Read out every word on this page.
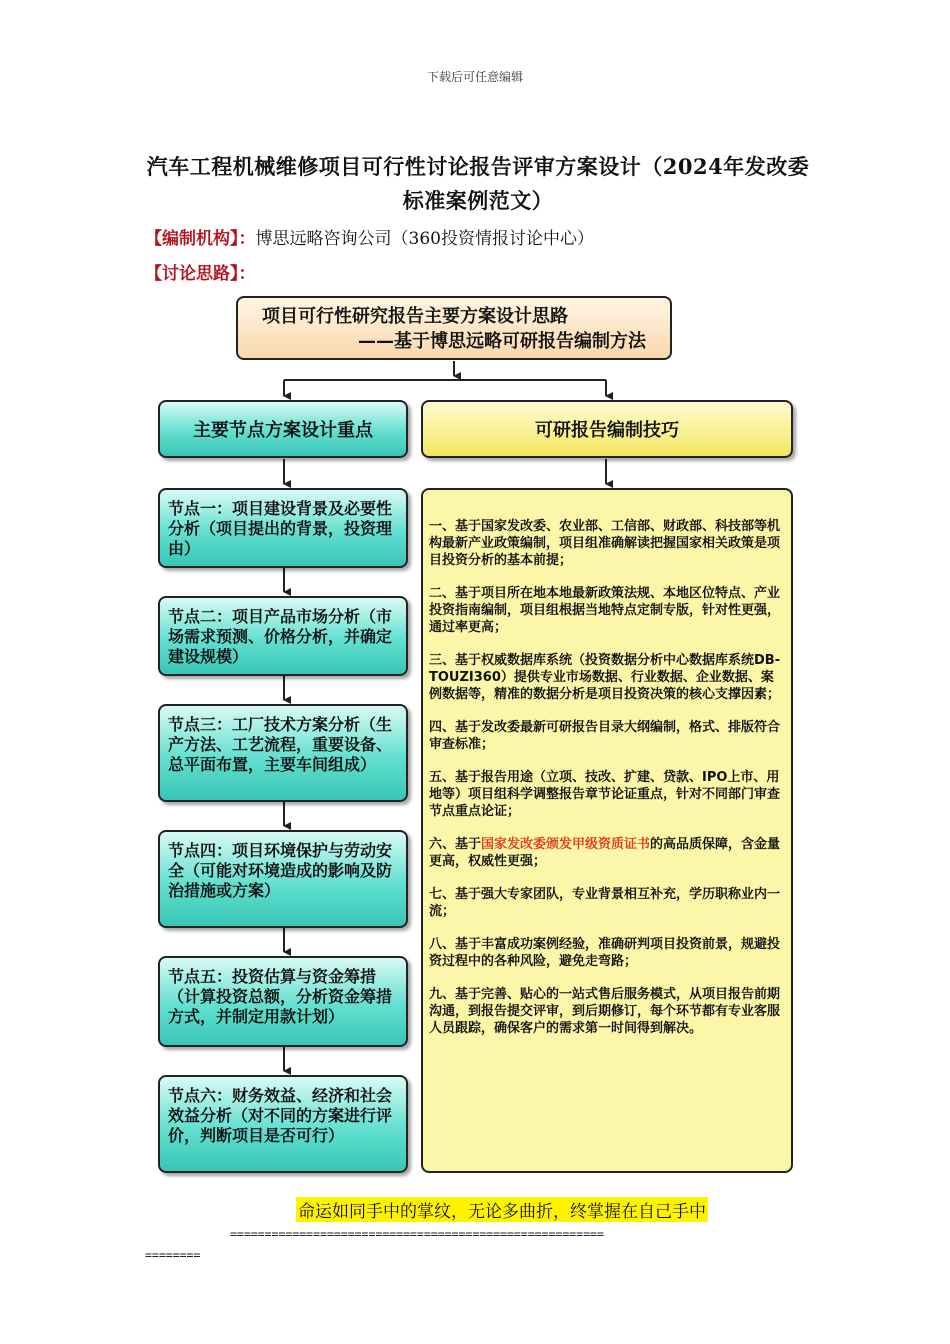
下载后可任意编辑
汽车工程机械维修项目可行性讨论报告评审方案设计（2024年发改委标准案例范文）
【编制机构】：博思远略咨询公司（360投资情报讨论中心）
【讨论思路】：
项目可行性研究报告主要方案设计思路
——基于博思远略可研报告编制方法
主要节点方案设计重点	可研报告编制技巧
节点一：项目建设背景及必要性分析（项目提出的背景，投资理由）
节点二：项目产品市场分析（市场需求预测、价格分析，并确定建设规模）
节点三：工厂技术方案分析（生产方法、工艺流程，重要设备、总平面布置，主要车间组成）
节点四：项目环境保护与劳动安全（可能对环境造成的影响及防治措施或方案）
节点五：投资估算与资金筹措（计算投资总额，分析资金筹措方式，并制定用款计划）
节点六：财务效益、经济和社会效益分析（对不同的方案进行评价，判断项目是否可行）
一、基于国家发改委、农业部、工信部、财政部、科技部等机构最新产业政策编制，项目组准确解读把握国家相关政策是项目投资分析的基本前提；
二、基于项目所在地本地最新政策法规、本地区位特点、产业投资指南编制，项目组根据当地特点定制专版，针对性更强，通过率更高；
三、基于权威数据库系统（投资数据分析中心数据库系统DB-TOUZI360）提供专业市场数据、行业数据、企业数据、案例数据等，精准的数据分析是项目投资决策的核心支撑因素；
四、基于发改委最新可研报告目录大纲编制，格式、排版符合审查标准；
五、基于报告用途（立项、技改、扩建、贷款、IPO上市、用地等）项目组科学调整报告章节论证重点，针对不同部门审查节点重点论证；
六、基于国家发改委颁发甲级资质证书的高品质保障，含金量更高，权威性更强；
七、基于强大专家团队，专业背景相互补充，学历职称业内一流；
八、基于丰富成功案例经验，准确研判项目投资前景，规避投资过程中的各种风险，避免走弯路；
九、基于完善、贴心的一站式售后服务模式，从项目报告前期沟通，到报告提交评审，到后期修订，每个环节都有专业客服人员跟踪，确保客户的需求第一时间得到解决。
命运如同手中的掌纹，无论多曲折，终掌握在自己手中
======================================================
========
